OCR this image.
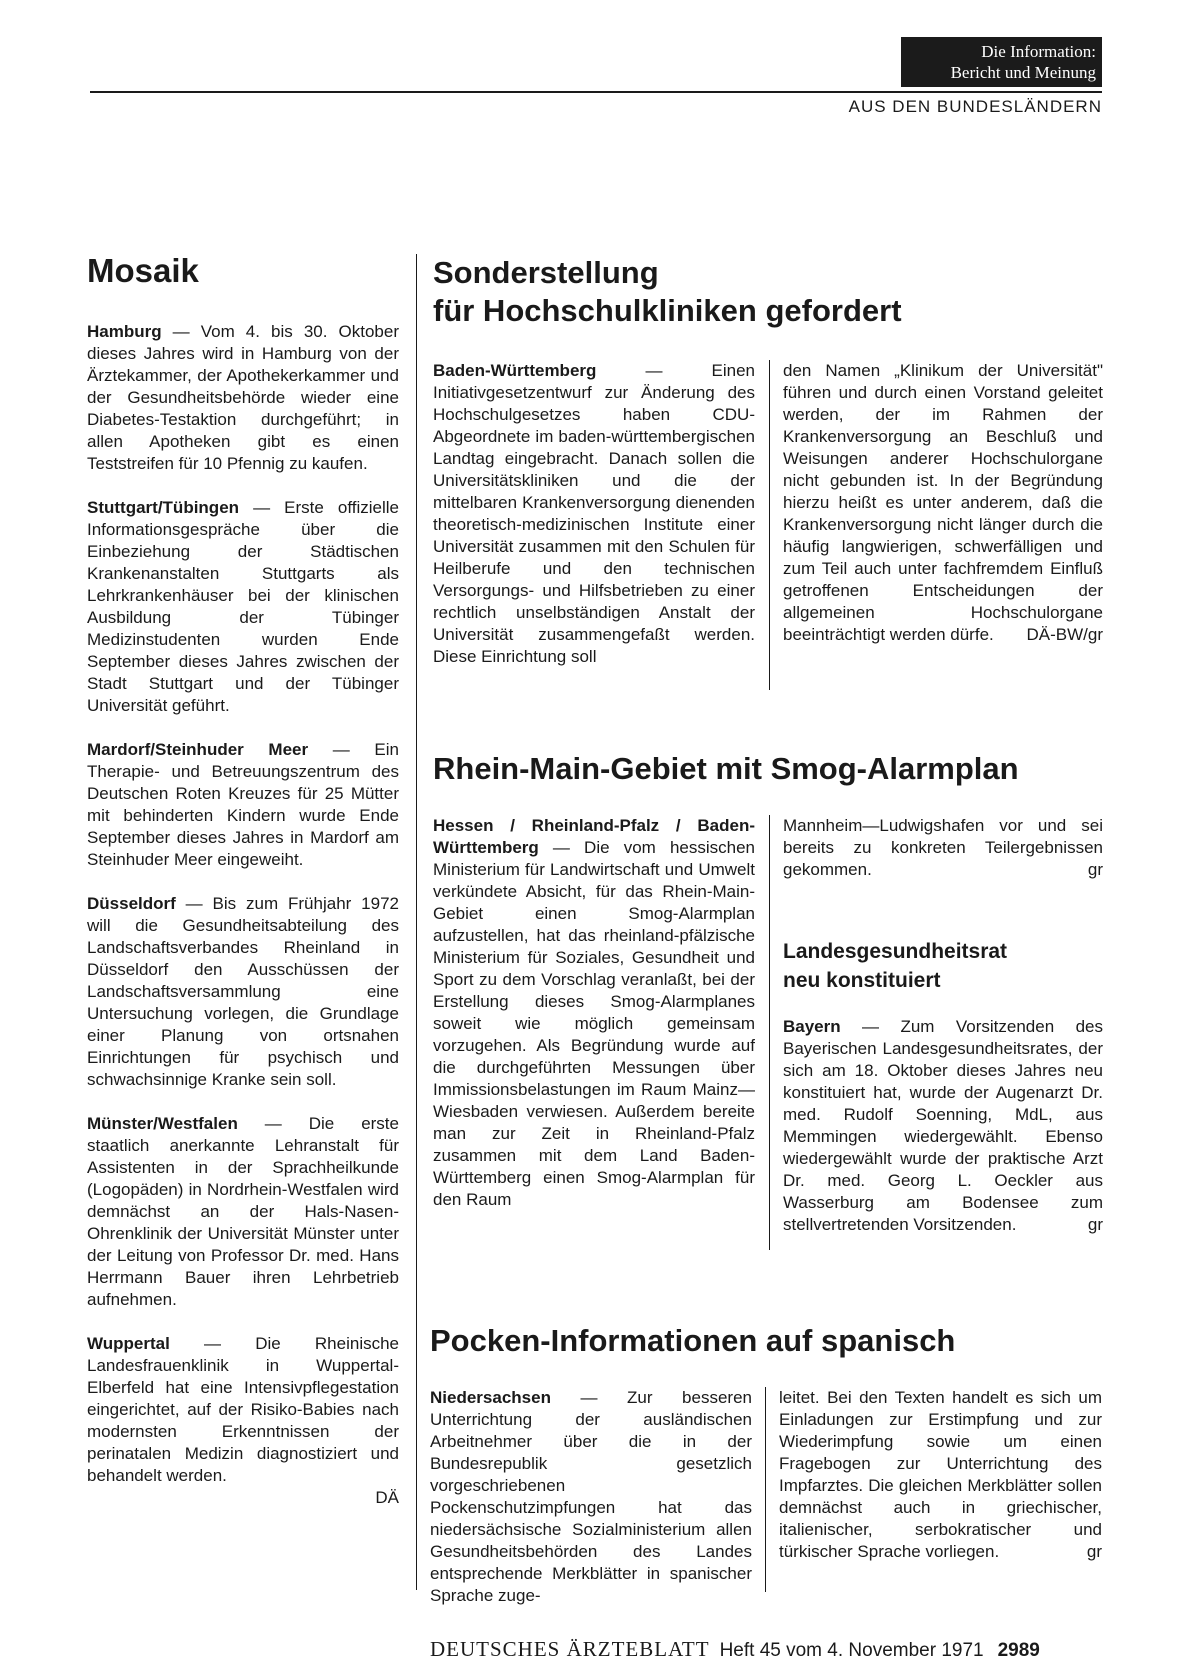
Die Information:
Bericht und Meinung
AUS DEN BUNDESLÄNDERN
Mosaik

Hamburg — Vom 4. bis 30. Oktober dieses Jahres wird in Hamburg von der Ärztekammer, der Apothekerkammer und der Gesundheitsbehörde wieder eine Diabetes-Testaktion durchgeführt; in allen Apotheken gibt es einen Teststreifen für 10 Pfennig zu kaufen.

Stuttgart/Tübingen — Erste offizielle Informationsgespräche über die Einbeziehung der Städtischen Krankenanstalten Stuttgarts als Lehrkrankenhäuser bei der klinischen Ausbildung der Tübinger Medizinstudenten wurden Ende September dieses Jahres zwischen der Stadt Stuttgart und der Tübinger Universität geführt.

Mardorf/Steinhuder Meer — Ein Therapie- und Betreuungszentrum des Deutschen Roten Kreuzes für 25 Mütter mit behinderten Kindern wurde Ende September dieses Jahres in Mardorf am Steinhuder Meer eingeweiht.

Düsseldorf — Bis zum Frühjahr 1972 will die Gesundheitsabteilung des Landschaftsverbandes Rheinland in Düsseldorf den Ausschüssen der Landschaftsversammlung eine Untersuchung vorlegen, die Grundlage einer Planung von ortsnahen Einrichtungen für psychisch und schwachsinnige Kranke sein soll.

Münster/Westfalen — Die erste staatlich anerkannte Lehranstalt für Assistenten in der Sprachheilkunde (Logopäden) in Nordrhein-Westfalen wird demnächst an der Hals-Nasen-Ohrenklinik der Universität Münster unter der Leitung von Professor Dr. med. Hans Herrmann Bauer ihren Lehrbetrieb aufnehmen.

Wuppertal — Die Rheinische Landesfrauenklinik in Wuppertal-Elberfeld hat eine Intensivpflegestation eingerichtet, auf der Risiko-Babies nach modernsten Erkenntnissen der perinatalen Medizin diagnostiziert und behandelt werden.
DÄ

Sonderstellung
für Hochschulkliniken gefordert

Baden-Württemberg — Einen Initiativgesetzentwurf zur Änderung des Hochschulgesetzes haben CDU-Abgeordnete im baden-württembergischen Landtag eingebracht. Danach sollen die Universitätskliniken und die der mittelbaren Krankenversorgung dienenden theoretisch-medizinischen Institute einer Universität zusammen mit den Schulen für Heilberufe und den technischen Versorgungs- und Hilfsbetrieben zu einer rechtlich unselbständigen Anstalt der Universität zusammengefaßt werden. Diese Einrichtung soll

den Namen „Klinikum der Universität" führen und durch einen Vorstand geleitet werden, der im Rahmen der Krankenversorgung an Beschluß und Weisungen anderer Hochschulorgane nicht gebunden ist. In der Begründung hierzu heißt es unter anderem, daß die Krankenversorgung nicht länger durch die häufig langwierigen, schwerfälligen und zum Teil auch unter fachfremdem Einfluß getroffenen Entscheidungen der allgemeinen Hochschulorgane beeinträchtigt werden dürfe.	DÄ-BW/gr

Rhein-Main-Gebiet mit Smog-Alarmplan

Hessen / Rheinland-Pfalz / Baden-Württemberg — Die vom hessischen Ministerium für Landwirtschaft und Umwelt verkündete Absicht, für das Rhein-Main-Gebiet einen Smog-Alarmplan aufzustellen, hat das rheinland-pfälzische Ministerium für Soziales, Gesundheit und Sport zu dem Vorschlag veranlaßt, bei der Erstellung dieses Smog-Alarmplanes soweit wie möglich gemeinsam vorzugehen. Als Begründung wurde auf die durchgeführten Messungen über Immissionsbelastungen im Raum Mainz—Wiesbaden verwiesen. Außerdem bereite man zur Zeit in Rheinland-Pfalz zusammen mit dem Land Baden-Württemberg einen Smog-Alarmplan für den Raum

Mannheim—Ludwigshafen vor und sei bereits zu konkreten Teilergebnissen gekommen.	gr

Landesgesundheitsrat
neu konstituiert

Bayern — Zum Vorsitzenden des Bayerischen Landesgesundheitsrates, der sich am 18. Oktober dieses Jahres neu konstituiert hat, wurde der Augenarzt Dr. med. Rudolf Soenning, MdL, aus Memmingen wiedergewählt. Ebenso wiedergewählt wurde der praktische Arzt Dr. med. Georg L. Oeckler aus Wasserburg am Bodensee zum stellvertretenden Vorsitzenden.	gr

Pocken-Informationen auf spanisch

Niedersachsen — Zur besseren Unterrichtung der ausländischen Arbeitnehmer über die in der Bundesrepublik gesetzlich vorgeschriebenen Pockenschutzimpfungen hat das niedersächsische Sozialministerium allen Gesundheitsbehörden des Landes entsprechende Merkblätter in spanischer Sprache zuge-

leitet. Bei den Texten handelt es sich um Einladungen zur Erstimpfung und zur Wiederimpfung sowie um einen Fragebogen zur Unterrichtung des Impfarztes. Die gleichen Merkblätter sollen demnächst auch in griechischer, italienischer, serbokratischer und türkischer Sprache vorliegen.	gr

DEUTSCHES ÄRZTEBLATT Heft 45 vom 4. November 1971 2989
